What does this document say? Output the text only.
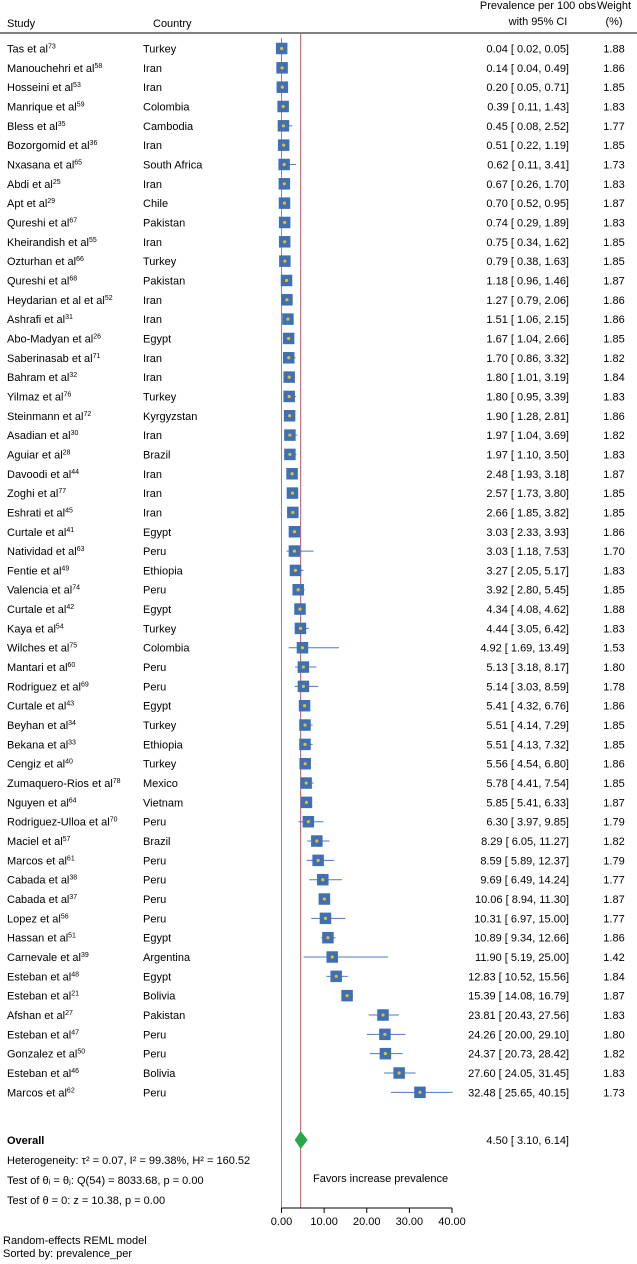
Study	Country
Prevalence per 100 obs
with 95% CI
Weight
(%)
Tas et $al^{73}$	Turkey	0.04 [ 0.02, 0.05]	1.88
Manouchehri et $al^{58}$	Iran	0.14 [ 0.04, 0.49]	1.86
Hosseini et $al^{53}$	Iran	0.20 [ 0.05, 0.71]	1.85
Manrique et $al^{59}$	Colombia	0.39 [ 0.11, 1.43]	1.83
Bless et $al^{35}$	Cambodia	0.45 [ 0.08, 2.52]	1.77
Bozorgomid et $al^{36}$	Iran	0.51 [ 0.22, 1.19]	1.85
Nxasana et $al^{65}$	South Africa	0.62 [ 0.11, 3.41]	1.73
Abdi et $al^{25}$	Iran	0.67 [ 0.26, 1.70]	1.83
Apt et $al^{29}$	Chile	0.70 [ 0.52, 0.95]	1.87
Qureshi et $al^{67}$	Pakistan	0.74 [ 0.29, 1.89]	1.83
Kheirandish et $al^{55}$	Iran	0.75 [ 0.34, 1.62]	1.85
Ozturhan et $al^{66}$	Turkey	0.79 [ 0.38, 1.63]	1.85
Qureshi et $al^{68}$	Pakistan	1.18 [ 0.96, 1.46]	1.87
Heydarian et al et $al^{52}$	Iran	1.27 [ 0.79, 2.06]	1.86
Ashrafi et $al^{31}$	Iran	1.51 [ 1.06, 2.15]	1.86
Abo-Madyan et $al^{26}$	Egypt	1.67 [ 1.04, 2.66]	1.85
Saberinasab et $al^{71}$	Iran	1.70 [ 0.86, 3.32]	1.82
Bahram et $al^{32}$	Iran	1.80 [ 1.01, 3.19]	1.84
Yilmaz et $al^{76}$	Turkey	1.80 [ 0.95, 3.39]	1.83
Steinmann et $al^{72}$	Kyrgyzstan	1.90 [ 1.28, 2.81]	1.86
Asadian et $al^{30}$	Iran	1.97 [ 1.04, 3.69]	1.82
Aguiar et $al^{28}$	Brazil	1.97 [ 1.10, 3.50]	1.83
Davoodi et $al^{44}$	Iran	2.48 [ 1.93, 3.18]	1.87
Zoghi et $al^{77}$	Iran	2.57 [ 1.73, 3.80]	1.85
Eshrati et $al^{45}$	Iran	2.66 [ 1.85, 3.82]	1.85
Curtale et $al^{41}$	Egypt	3.03 [ 2.33, 3.93]	1.86
Natividad et $al^{63}$	Peru	3.03 [ 1.18, 7.53]	1.70
Fentie et $al^{49}$	Ethiopia	3.27 [ 2.05, 5.17]	1.83
Valencia et $al^{74}$	Peru	3.92 [ 2.80, 5.45]	1.85
Curtale et $al^{42}$	Egypt	4.34 [ 4.08, 4.62]	1.88
Kaya et $al^{54}$	Turkey	4.44 [ 3.05, 6.42]	1.83
Wilches et $al^{75}$	Colombia	4.92 [ 1.69, 13.49]	1.53
Mantari et $al^{60}$	Peru	5.13 [ 3.18, 8.17]	1.80
Rodriguez et $al^{69}$	Peru	5.14 [ 3.03, 8.59]	1.78
Curtale et $al^{43}$	Egypt	5.41 [ 4.32, 6.76]	1.86
Beyhan et $al^{34}$	Turkey	5.51 [ 4.14, 7.29]	1.85
Bekana et $al^{33}$	Ethiopia	5.51 [ 4.13, 7.32]	1.85
Cengiz et $al^{40}$	Turkey	5.56 [ 4.54, 6.80]	1.86
Zumaquero-Rios et $al^{78}$ Mexico	5.78 [ 4.41, 7.54]	1.85
Nguyen et $al^{64}$	Vietnam	5.85 [ 5.41, 6.33]	1.87
Rodriguez-Ulloa et $al^{70}$ Peru	6.30 [ 3.97, 9.85]	1.79
Maciel et $al^{57}$	Brazil	8.29 [ 6.05, 11.27]	1.82
Marcos et $al^{61}$	Peru	8.59 [ 5.89, 12.37]	1.79
Cabada et $al^{38}$	Peru	9.69 [ 6.49, 14.24]	1.77
Cabada et $al^{37}$	Peru	10.06 [ 8.94, 11.30]	1.87
Lopez et $al^{56}$	Peru	10.31 [ 6.97, 15.00]	1.77
Hassan et $al^{51}$	Egypt	10.89 [ 9.34, 12.66]	1.86
Carnevale et $al^{39}$	Argentina	11.90 [ 5.19, 25.00]	1.42
Esteban et $al^{48}$	Egypt	12.83 [ 10.52, 15.56]	1.84
Esteban et $al^{21}$	Bolivia	15.39 [ 14.08, 16.79]	1.87
Afshan et $al^{27}$	Pakistan	23.81 [ 20.43, 27.56]	1.83
Esteban et $al^{47}$	Peru	24.26 [ 20.00, 29.10]	1.80
Gonzalez et $al^{50}$	Peru	24.37 [ 20.73, 28.42]	1.82
Esteban et $al^{46}$	Bolivia	27.60 [ 24.05, 31.45]	1.83
Marcos et $al^{62}$	Peru	32.48 [ 25.65, 40.15]	1.73
Overall	4.50 [ 3.10, 6.14]
Heterogeneity: τ² = 0.07, I² = 99.38%, H² = 160.52
Test of θᵢ = θⱼ: Q(54) = 8033.68, p = 0.00
Test of θ = 0: z = 10.38, p = 0.00
Favors increase prevalence
0.00 10.00 20.00 30.00 40.00
Random-effects REML model
Sorted by: prevalence_per
